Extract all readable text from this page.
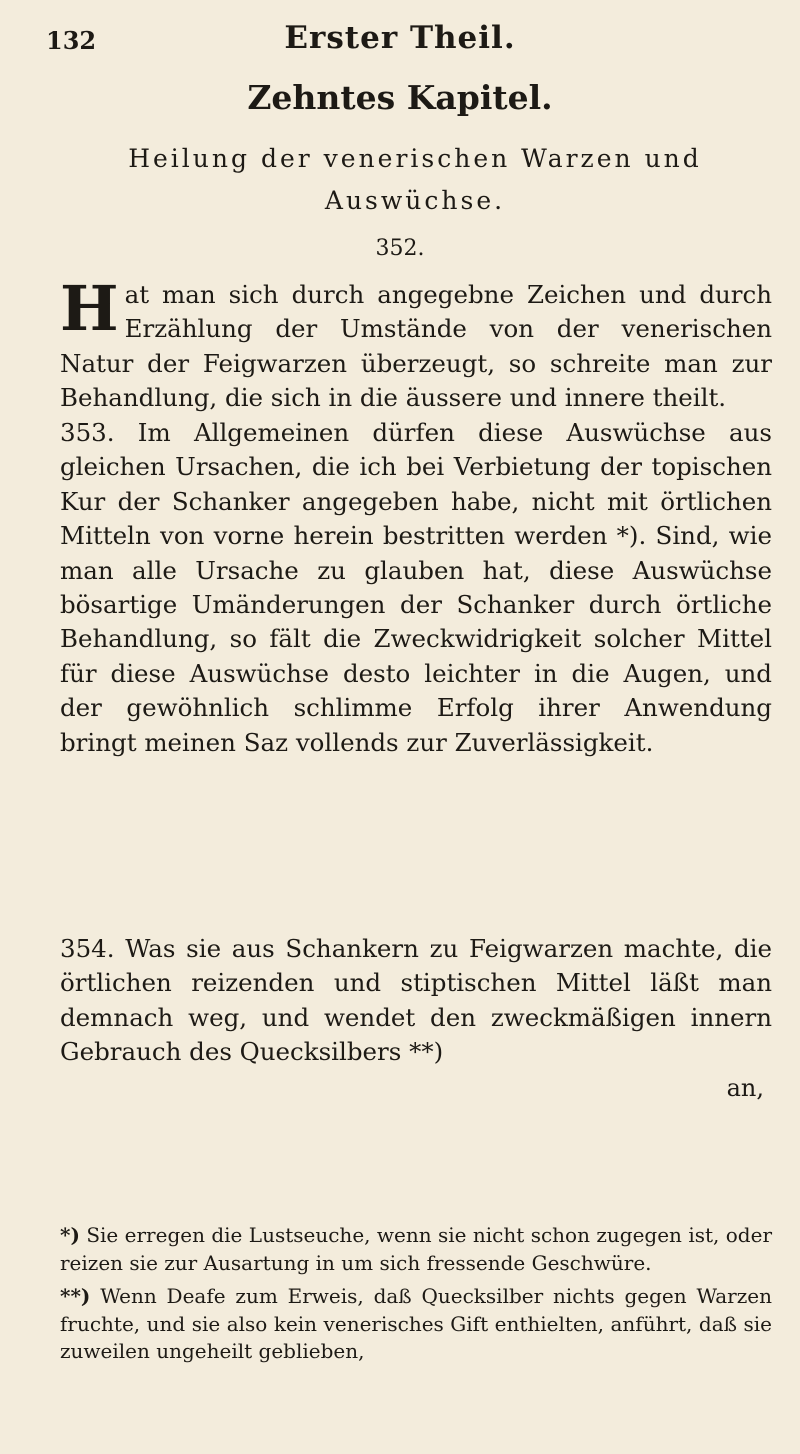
132	Erster Theil.
Zehntes Kapitel.
Heilung der venerischen Warzen und Auswüchse.
352.

Hat man sich durch angegebne Zeichen und durch Erzählung der Umstände von der venerischen Natur der Feigwarzen überzeugt, so schreite man zur Behandlung, die sich in die äussere und innere theilt.

353. Im Allgemeinen dürfen diese Auswüchse aus gleichen Ursachen, die ich bei Verbietung der topischen Kur der Schanker angegeben habe, nicht mit örtlichen Mitteln von vorne herein bestritten werden *). Sind, wie man alle Ursache zu glauben hat, diese Auswüchse bösartige Umänderungen der Schanker durch örtliche Behandlung, so fält die Zweckwidrigkeit solcher Mittel für diese Auswüchse desto leichter in die Augen, und der gewöhnlich schlimme Erfolg ihrer Anwendung bringt meinen Saz vollends zur Zuverlässigkeit.

354. Was sie aus Schankern zu Feigwarzen machte, die örtlichen reizenden und stiptischen Mittel läßt man demnach weg, und wendet den zweckmäßigen innern Gebrauch des Quecksilbers **)

an,

*) Sie erregen die Lustseuche, wenn sie nicht schon zugegen ist, oder reizen sie zur Ausartung in um sich fressende Geschwüre.

**) Wenn Deafe zum Erweis, daß Quecksilber nichts gegen Warzen fruchte, und sie also kein venerisches Gift enthielten, anführt, daß sie zuweilen ungeheilt geblieben,
